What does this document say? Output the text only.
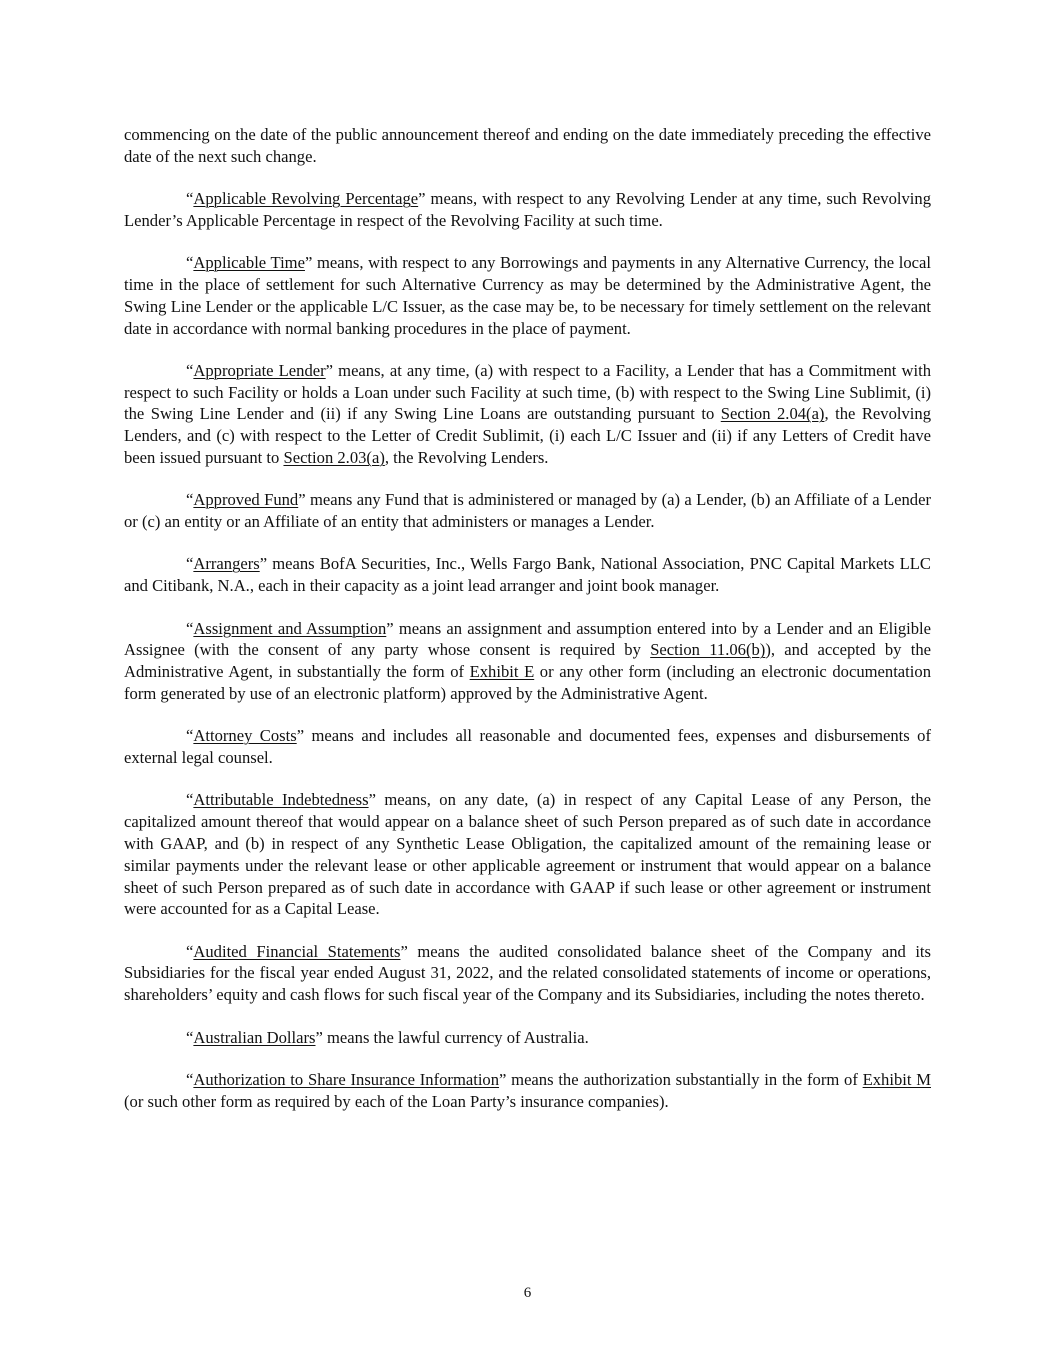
commencing on the date of the public announcement thereof and ending on the date immediately preceding the effective date of the next such change.

“Applicable Revolving Percentage” means, with respect to any Revolving Lender at any time, such Revolving Lender’s Applicable Percentage in respect of the Revolving Facility at such time.

“Applicable Time” means, with respect to any Borrowings and payments in any Alternative Currency, the local time in the place of settlement for such Alternative Currency as may be determined by the Administrative Agent, the Swing Line Lender or the applicable L/C Issuer, as the case may be, to be necessary for timely settlement on the relevant date in accordance with normal banking procedures in the place of payment.

“Appropriate Lender” means, at any time, (a) with respect to a Facility, a Lender that has a Commitment with respect to such Facility or holds a Loan under such Facility at such time, (b) with respect to the Swing Line Sublimit, (i) the Swing Line Lender and (ii) if any Swing Line Loans are outstanding pursuant to Section 2.04(a), the Revolving Lenders, and (c) with respect to the Letter of Credit Sublimit, (i) each L/C Issuer and (ii) if any Letters of Credit have been issued pursuant to Section 2.03(a), the Revolving Lenders.

“Approved Fund” means any Fund that is administered or managed by (a) a Lender, (b) an Affiliate of a Lender or (c) an entity or an Affiliate of an entity that administers or manages a Lender.

“Arrangers” means BofA Securities, Inc., Wells Fargo Bank, National Association, PNC Capital Markets LLC and Citibank, N.A., each in their capacity as a joint lead arranger and joint book manager.

“Assignment and Assumption” means an assignment and assumption entered into by a Lender and an Eligible Assignee (with the consent of any party whose consent is required by Section 11.06(b)), and accepted by the Administrative Agent, in substantially the form of Exhibit E or any other form (including an electronic documentation form generated by use of an electronic platform) approved by the Administrative Agent.

“Attorney Costs” means and includes all reasonable and documented fees, expenses and disbursements of external legal counsel.

“Attributable Indebtedness” means, on any date, (a) in respect of any Capital Lease of any Person, the capitalized amount thereof that would appear on a balance sheet of such Person prepared as of such date in accordance with GAAP, and (b) in respect of any Synthetic Lease Obligation, the capitalized amount of the remaining lease or similar payments under the relevant lease or other applicable agreement or instrument that would appear on a balance sheet of such Person prepared as of such date in accordance with GAAP if such lease or other agreement or instrument were accounted for as a Capital Lease.

“Audited Financial Statements” means the audited consolidated balance sheet of the Company and its Subsidiaries for the fiscal year ended August 31, 2022, and the related consolidated statements of income or operations, shareholders’ equity and cash flows for such fiscal year of the Company and its Subsidiaries, including the notes thereto.

“Australian Dollars” means the lawful currency of Australia.

“Authorization to Share Insurance Information” means the authorization substantially in the form of Exhibit M (or such other form as required by each of the Loan Party’s insurance companies).

6
